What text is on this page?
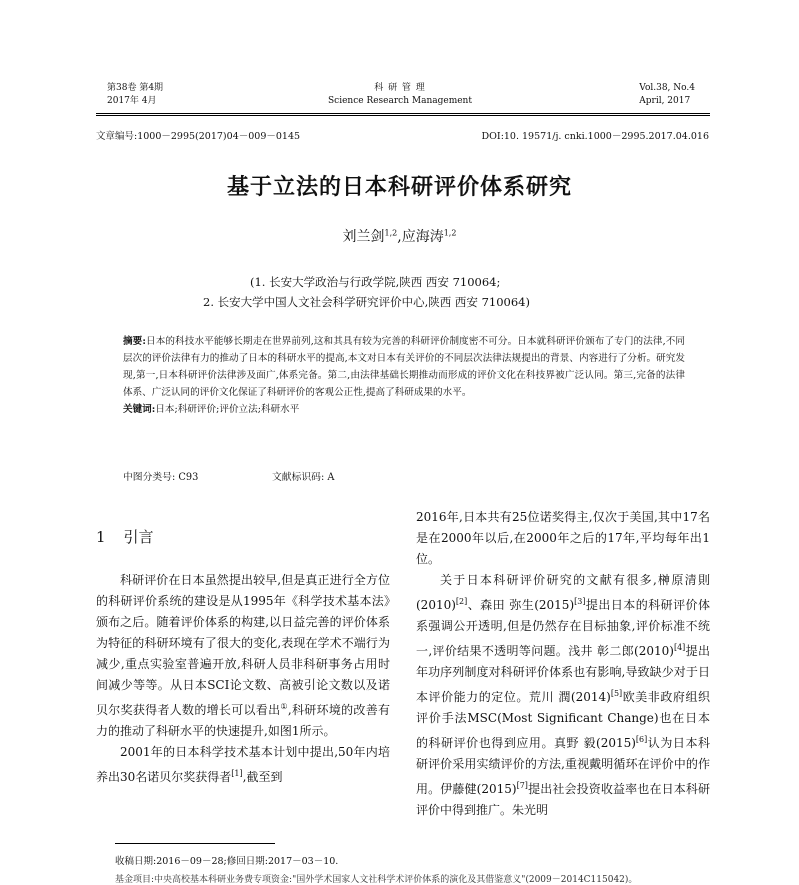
第38卷 第4期
2017年 4月
科 研 管 理
Science Research Management
Vol.38, No.4
April, 2017
文章编号:1000－2995(2017)04－009－0145	DOI:10. 19571/j. cnki.1000－2995.2017.04.016
基于立法的日本科研评价体系研究
刘兰剑$^{1,2}$,应海涛$^{1,2}$
(1. 长安大学政治与行政学院,陕西 西安 710064;
2. 长安大学中国人文社会科学研究评价中心,陕西 西安 710064)
摘要:日本的科技水平能够长期走在世界前列,这和其具有较为完善的科研评价制度密不可分。日本就科研评价颁布了专门的法律,不同层次的评价法律有力的推动了日本的科研水平的提高,本文对日本有关评价的不同层次法律法规提出的背景、内容进行了分析。研究发现,第一,日本科研评价法律涉及面广,体系完备。第二,由法律基础长期推动而形成的评价文化在科技界被广泛认同。第三,完备的法律体系、广泛认同的评价文化保证了科研评价的客观公正性,提高了科研成果的水平。
关键词:日本;科研评价;评价立法;科研水平
中图分类号: C93	文献标识码: A
1 引言

科研评价在日本虽然提出较早,但是真正进行全方位的科研评价系统的建设是从1995年《科学技术基本法》颁布之后。随着评价体系的构建,以日益完善的评价体系为特征的科研环境有了很大的变化,表现在学术不端行为减少,重点实验室普遍开放,科研人员非科研事务占用时间减少等等。从日本SCI论文数、高被引论文数以及诺贝尔奖获得者人数的增长可以看出①,科研环境的改善有力的推动了科研水平的快速提升,如图1所示。

2001年的日本科学技术基本计划中提出,50年内培养出30名诺贝尔奖获得者[1],截至到

2016年,日本共有25位诺奖得主,仅次于美国,其中17名是在2000年以后,在2000年之后的17年,平均每年出1位。

关于日本科研评价研究的文献有很多,榊原清則(2010)[2]、森田 弥生(2015)[3]提出日本的科研评价体系强调公开透明,但是仍然存在目标抽象,评价标准不统一,评价结果不透明等问题。浅井 彰二郎(2010)[4]提出年功序列制度对科研评价体系也有影响,导致缺少对于日本评价能力的定位。荒川 潤(2014)[5]欧美非政府组织评价手法MSC(Most Significant Change)也在日本的科研评价也得到应用。真野 毅(2015)[6]认为日本科研评价采用实绩评价的方法,重视戴明循环在评价中的作用。伊藤健(2015)[7]提出社会投资收益率也在日本科研评价中得到推广。朱光明

收稿日期:2016－09－28;修回日期:2017－03－10.
基金项目:中央高校基本科研业务费专项资金:"国外学术国家人文社科学术评价体系的演化及其借鉴意义"(2009－2014C115042)。
